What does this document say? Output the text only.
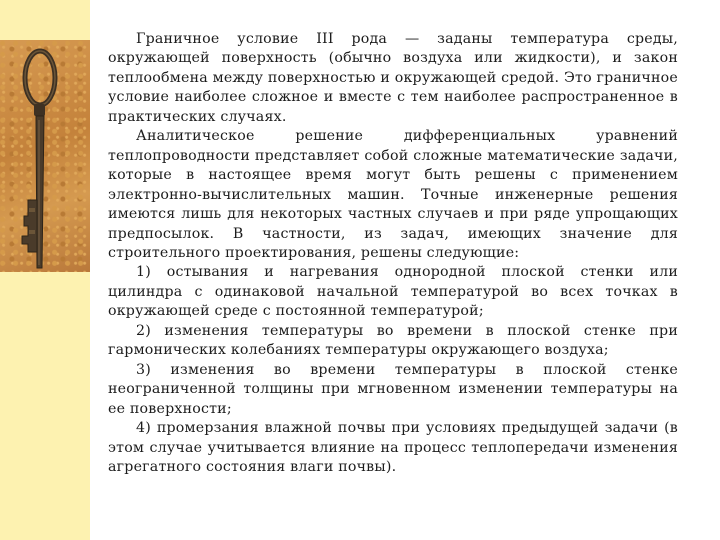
Граничное условие III рода — заданы температура среды, окружающей поверхность (обычно воздуха или жидкости), и закон теплообмена между поверхностью и окружающей средой. Это граничное условие наиболее сложное и вместе с тем наиболее распространенное в практических случаях.

Аналитическое решение дифференциальных уравнений теплопроводности представляет собой сложные математические задачи, которые в настоящее время могут быть решены с применением электронно-вычислительных машин. Точные инженерные решения имеются лишь для некоторых частных случаев и при ряде упрощающих предпосылок. В частности, из задач, имеющих значение для строительного проектирования, решены следующие:

1) остывания и нагревания однородной плоской стенки или цилиндра с одинаковой начальной температурой во всех точках в окружающей среде с постоянной температурой;

2) изменения температуры во времени в плоской стенке при гармонических колебаниях температуры окружающего воздуха;

3) изменения во времени температуры в плоской стенке неограниченной толщины при мгновенном изменении температуры на ее поверхности;

4) промерзания влажной почвы при условиях предыдущей задачи (в этом случае учитывается влияние на процесс теплопередачи изменения агрегатного состояния влаги почвы).
